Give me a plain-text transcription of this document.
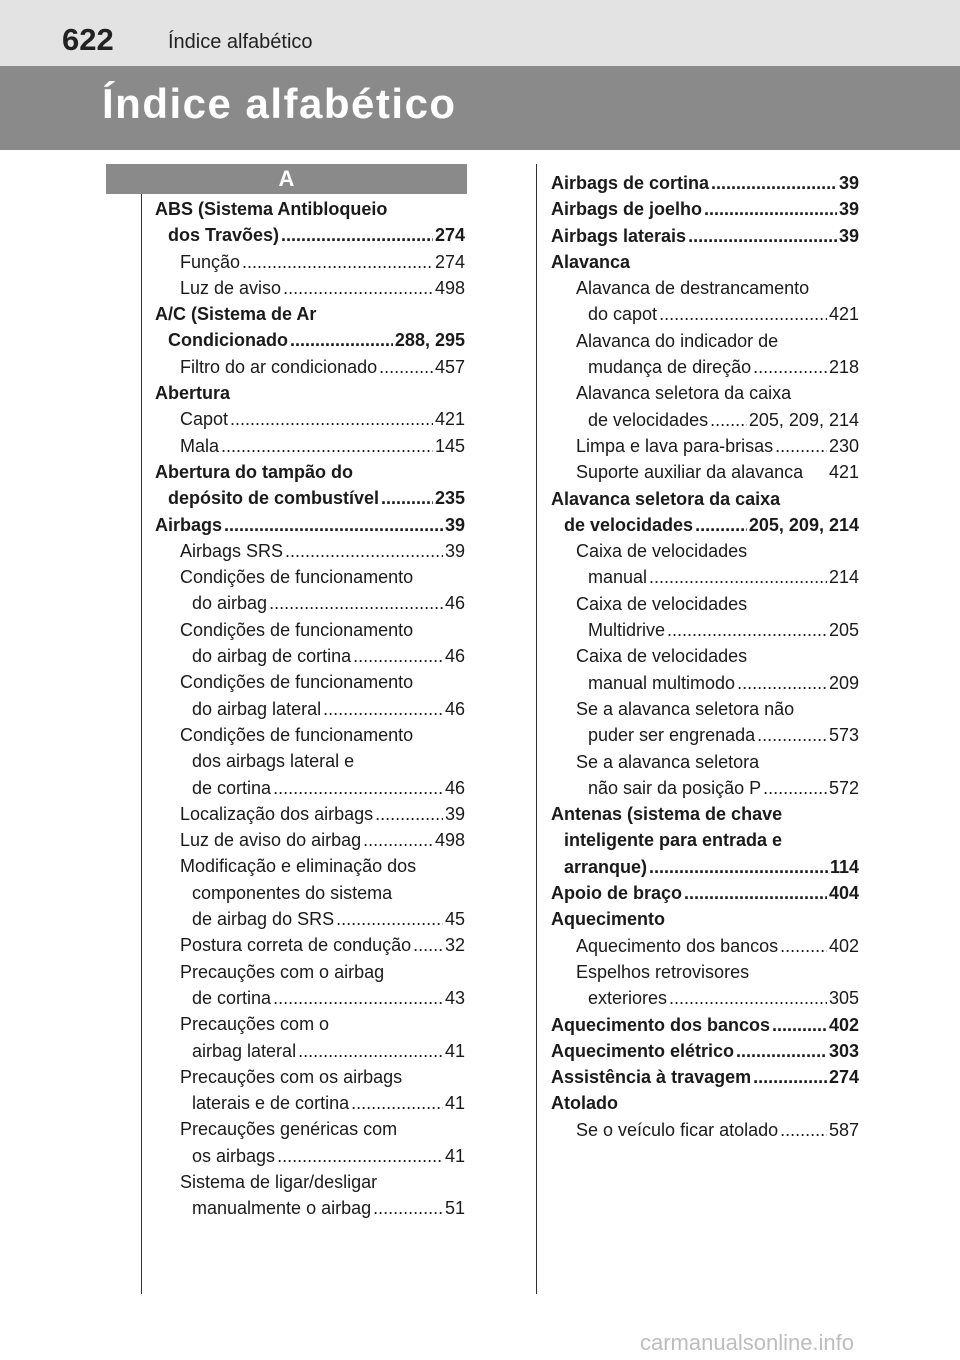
622	Índice alfabético
Índice alfabético
A
ABS (Sistema Antibloqueio
dos Travões) .....	274
Função .....	274
Luz de aviso .....	498
A/C (Sistema de Ar
Condicionado .....	288, 295
Filtro do ar condicionado .....	457
Abertura
Capot .....	421
Mala .....	145
Abertura do tampão do
depósito de combustível .....	235
Airbags .....	39
Airbags SRS .....	39
Condições de funcionamento
do airbag .....	46
Condições de funcionamento
do airbag de cortina .....	46
Condições de funcionamento
do airbag lateral .....	46
Condições de funcionamento
dos airbags lateral e
de cortina .....	46
Localização dos airbags .....	39
Luz de aviso do airbag .....	498
Modificação e eliminação dos
componentes do sistema
de airbag do SRS .....	45
Postura correta de condução ..... 32
Precauções com o airbag
de cortina .....	43
Precauções com o
airbag lateral .....	41
Precauções com os airbags
laterais e de cortina .....	41
Precauções genéricas com
os airbags .....	41
Sistema de ligar/desligar
manualmente o airbag .....	51
Airbags de cortina .....	39
Airbags de joelho .....	39
Airbags laterais .....	39
Alavanca
Alavanca de destrancamento
do capot .....	421
Alavanca do indicador de
mudança de direção .....	218
Alavanca seletora da caixa
de velocidades ..... 205, 209, 214
Limpa e lava para-brisas .....	230
Suporte auxiliar da alavanca 421
Alavanca seletora da caixa
de velocidades .....	205, 209, 214
Caixa de velocidades
manual .....	214
Caixa de velocidades
Multidrive .....	205
Caixa de velocidades
manual multimodo .....	209
Se a alavanca seletora não
puder ser engrenada .....	573
Se a alavanca seletora
não sair da posição P .....	572
Antenas (sistema de chave
inteligente para entrada e
arranque) .....	114
Apoio de braço .....	404
Aquecimento
Aquecimento dos bancos .....	402
Espelhos retrovisores
exteriores .....	305
Aquecimento dos bancos .....	402
Aquecimento elétrico .....	303
Assistência à travagem .....	274
Atolado
Se o veículo ficar atolado .....	587
carmanualsonline.info
